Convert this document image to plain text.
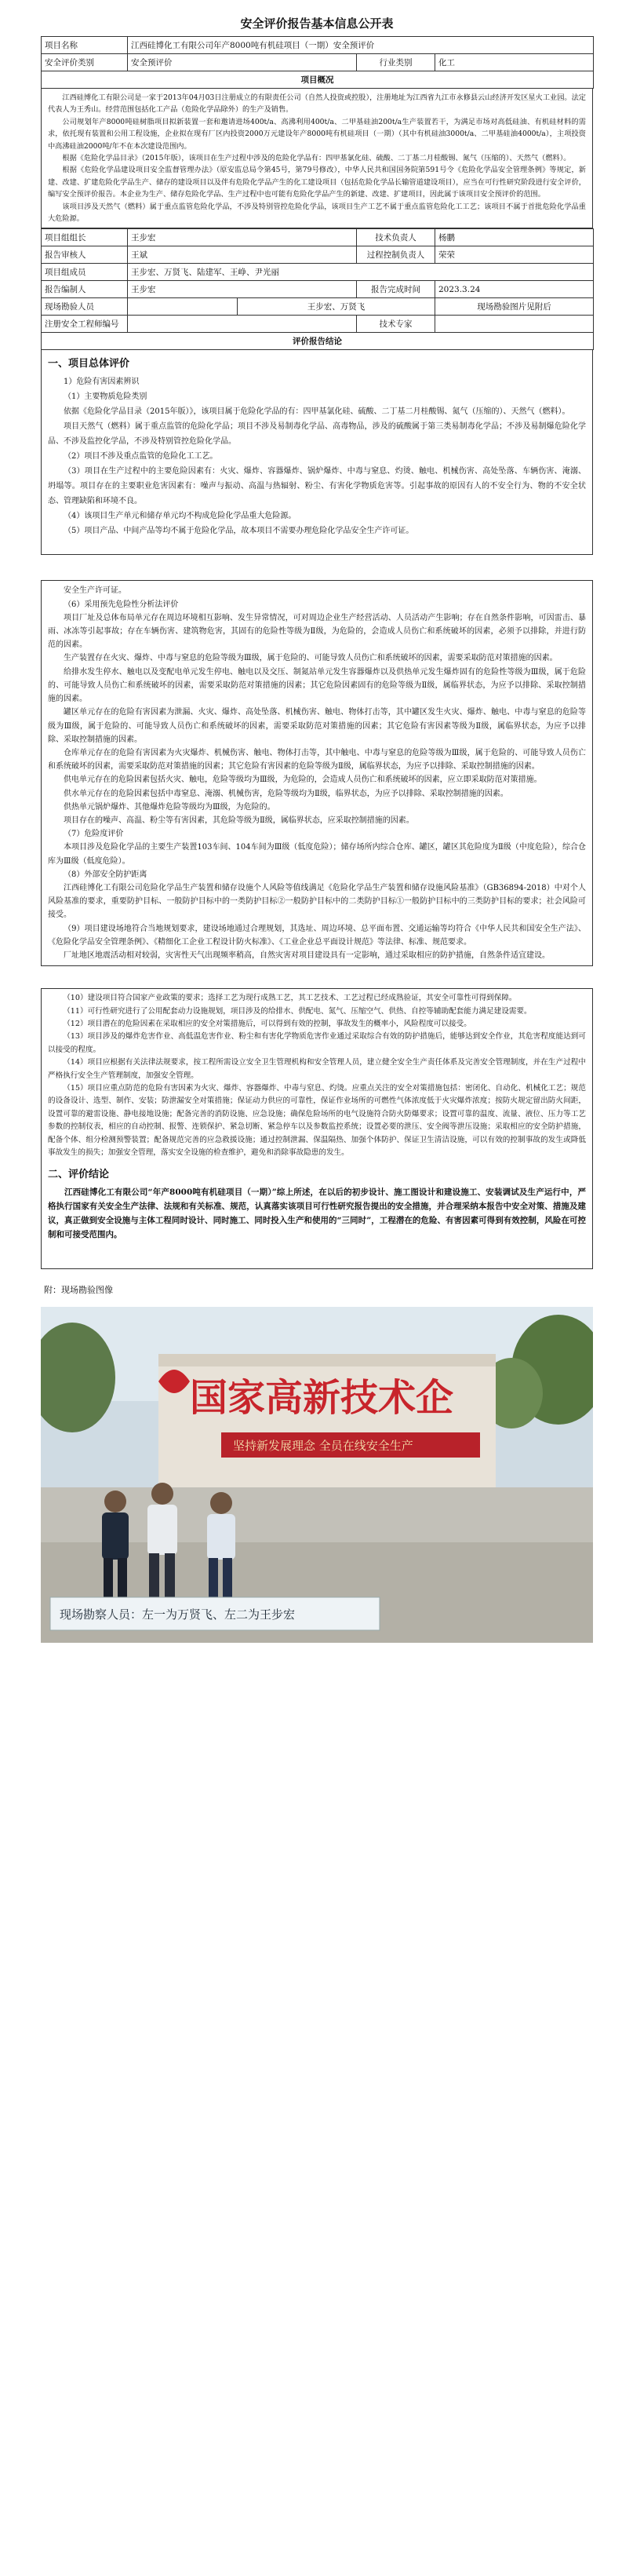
安全评价报告基本信息公开表
项目名称	江西硅博化工有限公司年产8000吨有机硅项目（一期）安全预评价		
安全评价类别	安全预评价	行业类别	化工
项目概况			

江西硅博化工有限公司是一家于2013年04月03日注册成立的有限责任公司（自然人投资或控股），注册地址为江西省九江市永修县云山经济开发区星火工业园。法定代表人为王秀山。经营范围包括化工产品（危险化学品除外）的生产及销售。

公司规划年产8000吨硅树脂项目拟新装置一套和邀请进场400t/a、高沸利用400t/a、二甲基硅油200t/a生产装置若干，为满足市场对高低硅油、有机硅材料的需求，依托现有装置和公用工程设施，企业拟在现有厂区内投资2000万元建设年产8000吨有机硅项目（一期）（其中有机硅油3000t/a、二甲基硅油4000t/a），主项投资中高沸硅油2000吨/年不在本次建设范围内。

根据《危险化学品目录》（2015年版），该项目在生产过程中涉及的危险化学品有：四甲基氯化硅、硫酸、二丁基二月桂酸锡、氮气（压缩的）、天然气（燃料）。

根据《危险化学品建设项目安全监督管理办法》（原安监总局令第45号，第79号修改），中华人民共和国国务院第591号令《危险化学品安全管理条例》等规定，新建、改建、扩建危险化学品生产、储存的建设项目以及伴有危险化学品产生的化工建设项目（包括危险化学品长输管道建设项目），应当在可行性研究阶段进行安全评价，编写安全预评价报告。本企业为生产、储存危险化学品、生产过程中也可能有危险化学品产生的新建、改建、扩建项目，因此属于该项目安全预评价的范围。

该项目涉及天然气（燃料）属于重点监管危险化学品，不涉及特别管控危险化学品，该项目生产工艺不属于重点监管危险化工工艺；该项目不属于首批危险化学品重大危险源。

项目组组长	王步宏		技术负责人	杨鹏
报告审核人	王斌		过程控制负责人	荣荣
项目组成员	王步宏、万贤飞、陆建军、王峥、尹光丽			
报告编制人	王步宏		报告完成时间	2023.3.24
现场勘验人员		王步宏、万贤飞		现场勘验图片见附后
注册安全工程师编号			技术专家	
评价报告结论				

一、项目总体评价

1）危险有害因素辨识

（1）主要物质危险类别

依据《危险化学品目录（2015年版）》，该项目属于危险化学品的有：四甲基氯化硅、硫酸、二丁基二月桂酸锡、氮气（压缩的）、天然气（燃料）。

项目天然气（燃料）属于重点监管的危险化学品；项目不涉及易制毒化学品、高毒物品，涉及的硫酸属于第三类易制毒化学品；不涉及易制爆危险化学品、不涉及监控化学品，不涉及特别管控危险化学品。

（2）项目不涉及重点监管的危险化工工艺。

（3）项目在生产过程中的主要危险因素有：火灾、爆炸、容器爆炸、锅炉爆炸、中毒与窒息、灼烫、触电、机械伤害、高处坠落、车辆伤害、淹溺、坍塌等。项目存在的主要职业危害因素有：噪声与振动、高温与热辐射、粉尘、有害化学物质危害等。引起事故的原因有人的不安全行为、物的不安全状态、管理缺陷和环境不良。

（4）该项目生产单元和储存单元均不构成危险化学品重大危险源。

（5）项目产品、中间产品等均不属于危险化学品，故本项目不需要办理危险化学品安全生产许可证。

安全生产许可证。

（6）采用预先危险性分析法评价

项目厂址及总体布局单元存在周边环境相互影响、发生异常情况，可对周边企业生产经营活动、人员活动产生影响；存在自然条件影响，可因雷击、暴雨、冰冻等引起事故；存在车辆伤害、建筑物危害，其固有的危险性等级为Ⅱ级，为危险的，会造成人员伤亡和系统破坏的因素，必须予以排除，并进行防范的因素。

生产装置存在火灾、爆炸、中毒与窒息的危险等级为Ⅲ级，属于危险的、可能导致人员伤亡和系统破坏的因素，需要采取防范对策措施的因素。

给排水发生停水、触电以及变配电单元发生停电、触电以及交压、制氮站单元发生容器爆炸以及供热单元发生爆炸固有的危险性等级为Ⅲ级，属于危险的、可能导致人员伤亡和系统破坏的因素，需要采取防范对策措施的因素；其它危险因素固有的危险等级为Ⅱ级，属临界状态，为应予以排除、采取控制措施的因素。

罐区单元存在的危险有害因素为泄漏、火灾、爆炸、高处坠落、机械伤害、触电、物体打击等，其中罐区发生火灾、爆炸、触电、中毒与窒息的危险等级为Ⅲ级，属于危险的、可能导致人员伤亡和系统破坏的因素，需要采取防范对策措施的因素；其它危险有害因素等级为Ⅱ级，属临界状态，为应予以排除、采取控制措施的因素。

仓库单元存在的危险有害因素为火灾爆炸、机械伤害、触电、物体打击等，其中触电、中毒与窒息的危险等级为Ⅲ级，属于危险的、可能导致人员伤亡和系统破坏的因素，需要采取防范对策措施的因素；其它危险有害因素的危险等级为Ⅱ级，属临界状态，为应予以排除、采取控制措施的因素。

供电单元存在的危险因素包括火灾、触电，危险等级均为Ⅲ级，为危险的，会造成人员伤亡和系统破坏的因素，应立即采取防范对策措施。

供水单元存在的危险因素包括中毒窒息、淹溺、机械伤害，危险等级均为Ⅱ级，临界状态，为应予以排除、采取控制措施的因素。

供热单元锅炉爆炸、其他爆炸危险等级均为Ⅲ级，为危险的。

项目存在的噪声、高温、粉尘等有害因素，其危险等级为Ⅱ级，属临界状态，应采取控制措施的因素。

（7）危险度评价

本项目涉及危险化学品的主要生产装置103车间、104车间为Ⅲ级（低度危险）；储存场所内综合仓库、罐区，罐区其危险度为Ⅱ级（中度危险），综合仓库为Ⅲ级（低度危险）。

（8）外部安全防护距离

江西硅博化工有限公司危险化学品生产装置和储存设施个人风险等值线满足《危险化学品生产装置和储存设施风险基准》（GB36894-2018）中对个人风险基准的要求，重要防护目标、一般防护目标中的一类防护目标②一般防护目标中的二类防护目标①一般防护目标中的三类防护目标的要求；社会风险可接受。

（9）项目建设场地符合当地规划要求，建设场地通过合理规划，其选址、周边环境、总平面布置、交通运输等均符合《中华人民共和国安全生产法》、《危险化学品安全管理条例》、《精细化工企业工程设计防火标准》、《工业企业总平面设计规范》等法律、标准、规范要求。

厂址地区地震活动相对较弱，灾害性天气出现频率稍高，自然灾害对项目建设具有一定影响，通过采取相应的防护措施，自然条件适宜建设。

（10）建设项目符合国家产业政策的要求；选择工艺为现行成熟工艺，其工艺技术、工艺过程已经成熟验证，其安全可靠性可得到保障。

（11）可行性研究进行了公用配套动力设施规划，项目涉及的给排水、供配电、氮气、压缩空气、供热、自控等辅助配套能力满足建设需要。

（12）项目潜在的危险因素在采取相应的安全对策措施后，可以得到有效的控制，事故发生的概率小，风险程度可以接受。

（13）项目涉及的爆炸危害作业、高低温危害作业、粉尘和有害化学物质危害作业通过采取综合有效的防护措施后，能够达到安全作业，其危害程度能达到可以接受的程度。

（14）项目应根据有关法律法规要求，按工程所需设立安全卫生管理机构和安全管理人员，建立健全安全生产责任体系及完善安全管理制度，并在生产过程中严格执行安全生产管理制度，加强安全管理。

（15）项目应重点防范的危险有害因素为火灾、爆炸、容器爆炸、中毒与窒息、灼烫。应重点关注的安全对策措施包括：密闭化、自动化、机械化工艺；规范的设备设计、选型、制作、安装；防泄漏安全对策措施；保证动力供应的可靠性，保证作业场所的可燃性气体浓度低于火灾爆炸浓度；按防火规定留出防火间距，设置可靠的避雷设施、静电接地设施；配备完善的消防设施、应急设施；确保危险场所的电气设施符合防火防爆要求；设置可靠的温度、流量、液位、压力等工艺参数的控制仪表，相应的自动控制、报警、连锁保护、紧急切断、紧急停车以及参数监控系统；设置必要的泄压、安全阀等泄压设施；采取相应的安全防护措施，配备个体、组分检测预警装置；配备规范完善的应急救援设施；通过控制泄漏、保温隔热、加强个体防护、保证卫生清洁设施，可以有效的控制事故的发生或降低事故发生的损失；加强安全管理，落实安全设施的检查维护，避免和消除事故隐患的发生。

二、评价结论

江西硅博化工有限公司“年产8000吨有机硅项目（一期）”综上所述，在以后的初步设计、施工图设计和建设施工、安装调试及生产运行中，严格执行国家有关安全生产法律、法规和有关标准、规范，认真落实该项目可行性研究报告提出的安全措施，并合理采纳本报告中安全对策、措施及建议，真正做到安全设施与主体工程同时设计、同时施工、同时投入生产和使用的“三同时”，工程潜在的危险、有害因素可得到有效控制，风险在可控制和可接受范围内。

附：现场勘验图像
国家高新技术企
坚持新发展理念 全员在线安全生产
现场勘察人员：左一为万贤飞、左二为王步宏
